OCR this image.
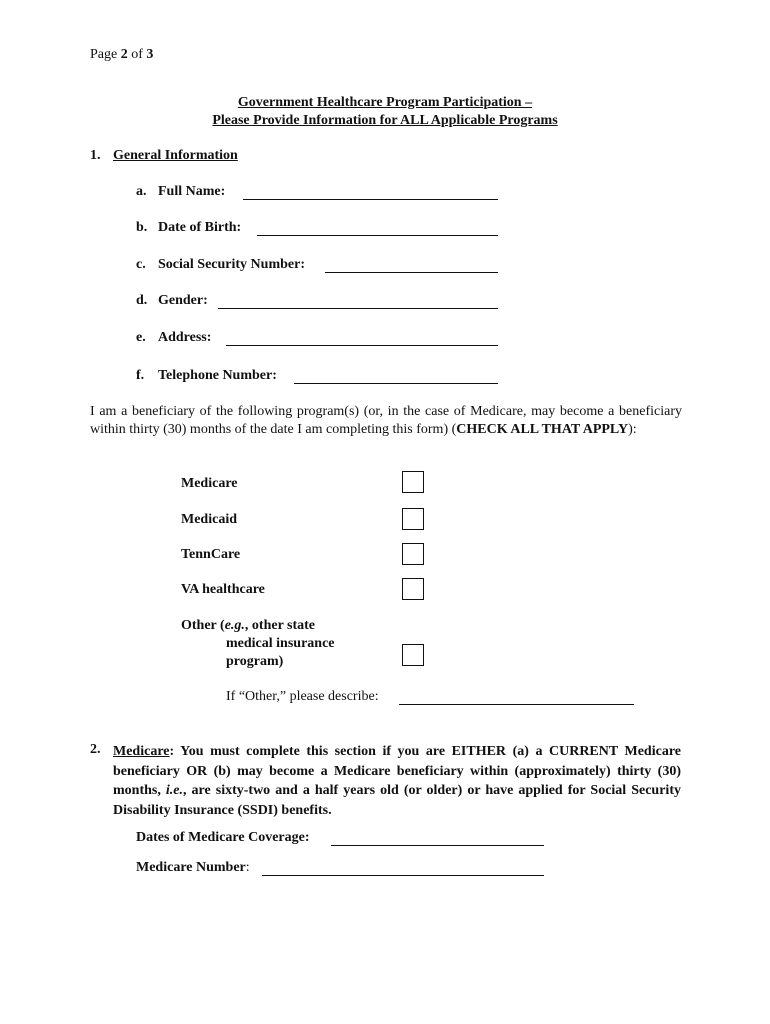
Page 2 of 3
Government Healthcare Program Participation –
Please Provide Information for ALL Applicable Programs
1. General Information
a. Full Name:
b. Date of Birth:
c. Social Security Number:
d. Gender:
e. Address:
f. Telephone Number:
I am a beneficiary of the following program(s) (or, in the case of Medicare, may become a beneficiary within thirty (30) months of the date I am completing this form) (CHECK ALL THAT APPLY):
Medicare
Medicaid
TennCare
VA healthcare
Other (e.g., other state
medical insurance
program)
If “Other,” please describe:
2. Medicare: You must complete this section if you are EITHER (a) a CURRENT Medicare beneficiary OR (b) may become a Medicare beneficiary within (approximately) thirty (30) months, i.e., are sixty-two and a half years old (or older) or have applied for Social Security Disability Insurance (SSDI) benefits.
Dates of Medicare Coverage:
Medicare Number:
